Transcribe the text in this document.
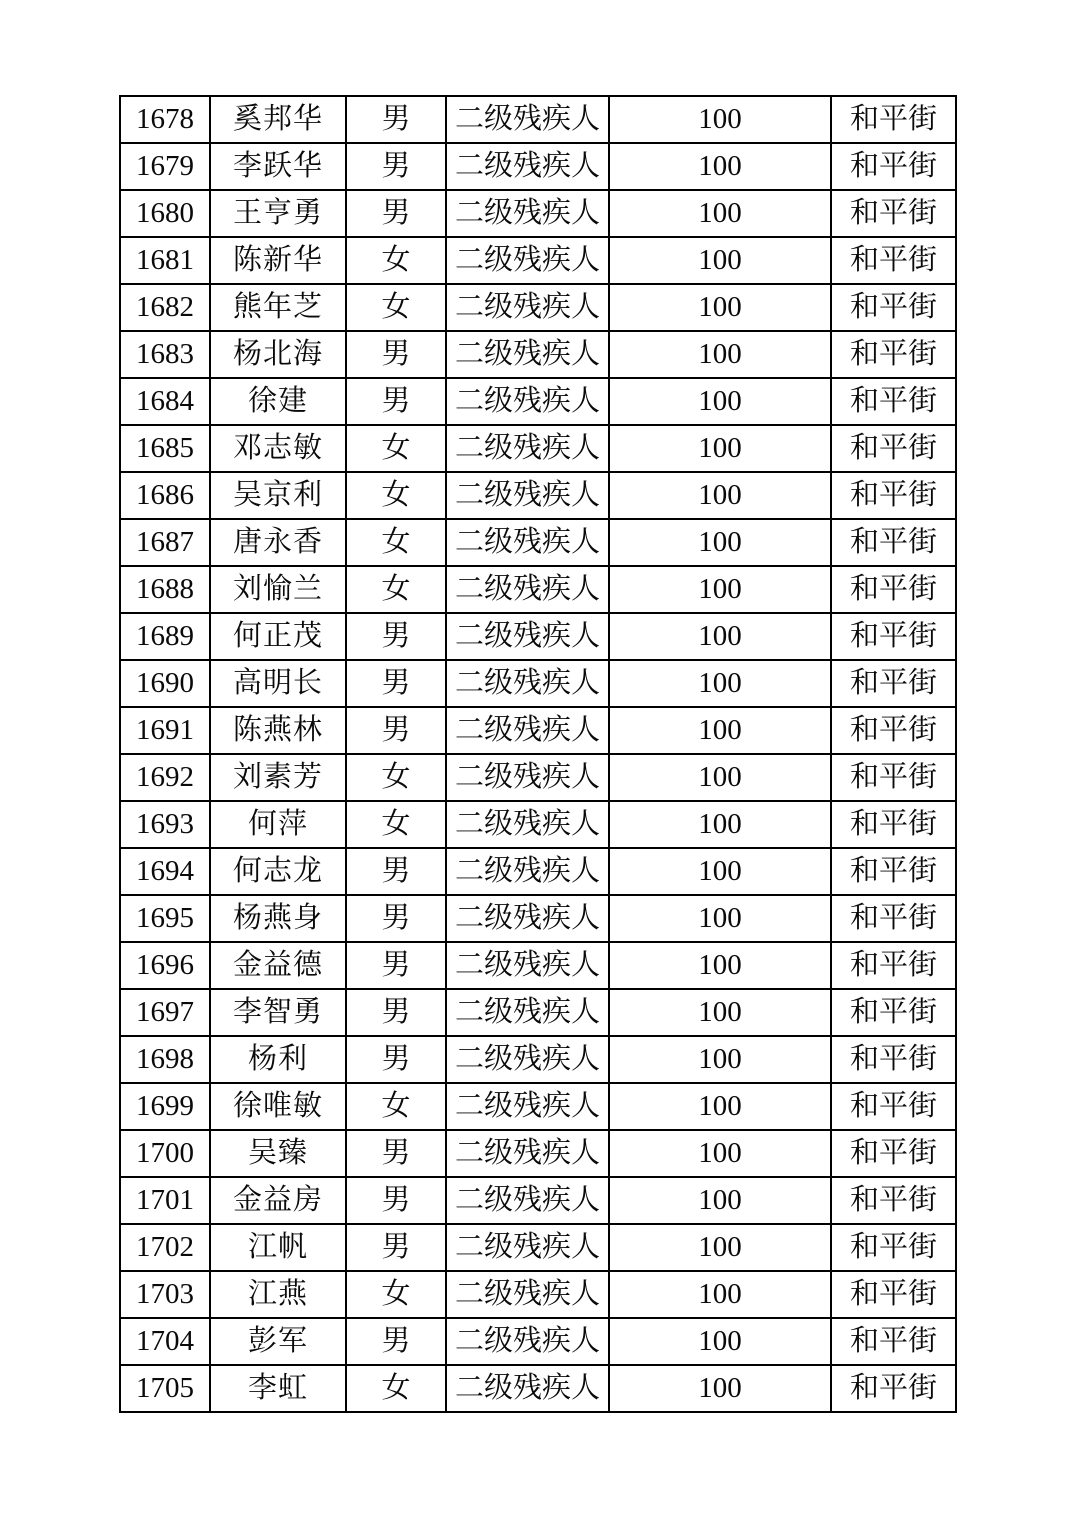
1678	奚邦华	男	二级残疾人	100	和平街
1679	李跃华	男	二级残疾人	100	和平街
1680	王亨勇	男	二级残疾人	100	和平街
1681	陈新华	女	二级残疾人	100	和平街
1682	熊年芝	女	二级残疾人	100	和平街
1683	杨北海	男	二级残疾人	100	和平街
1684	徐建	男	二级残疾人	100	和平街
1685	邓志敏	女	二级残疾人	100	和平街
1686	吴京利	女	二级残疾人	100	和平街
1687	唐永香	女	二级残疾人	100	和平街
1688	刘愉兰	女	二级残疾人	100	和平街
1689	何正茂	男	二级残疾人	100	和平街
1690	高明长	男	二级残疾人	100	和平街
1691	陈燕林	男	二级残疾人	100	和平街
1692	刘素芳	女	二级残疾人	100	和平街
1693	何萍	女	二级残疾人	100	和平街
1694	何志龙	男	二级残疾人	100	和平街
1695	杨燕身	男	二级残疾人	100	和平街
1696	金益德	男	二级残疾人	100	和平街
1697	李智勇	男	二级残疾人	100	和平街
1698	杨利	男	二级残疾人	100	和平街
1699	徐唯敏	女	二级残疾人	100	和平街
1700	吴臻	男	二级残疾人	100	和平街
1701	金益房	男	二级残疾人	100	和平街
1702	江帆	男	二级残疾人	100	和平街
1703	江燕	女	二级残疾人	100	和平街
1704	彭军	男	二级残疾人	100	和平街
1705	李虹	女	二级残疾人	100	和平街
